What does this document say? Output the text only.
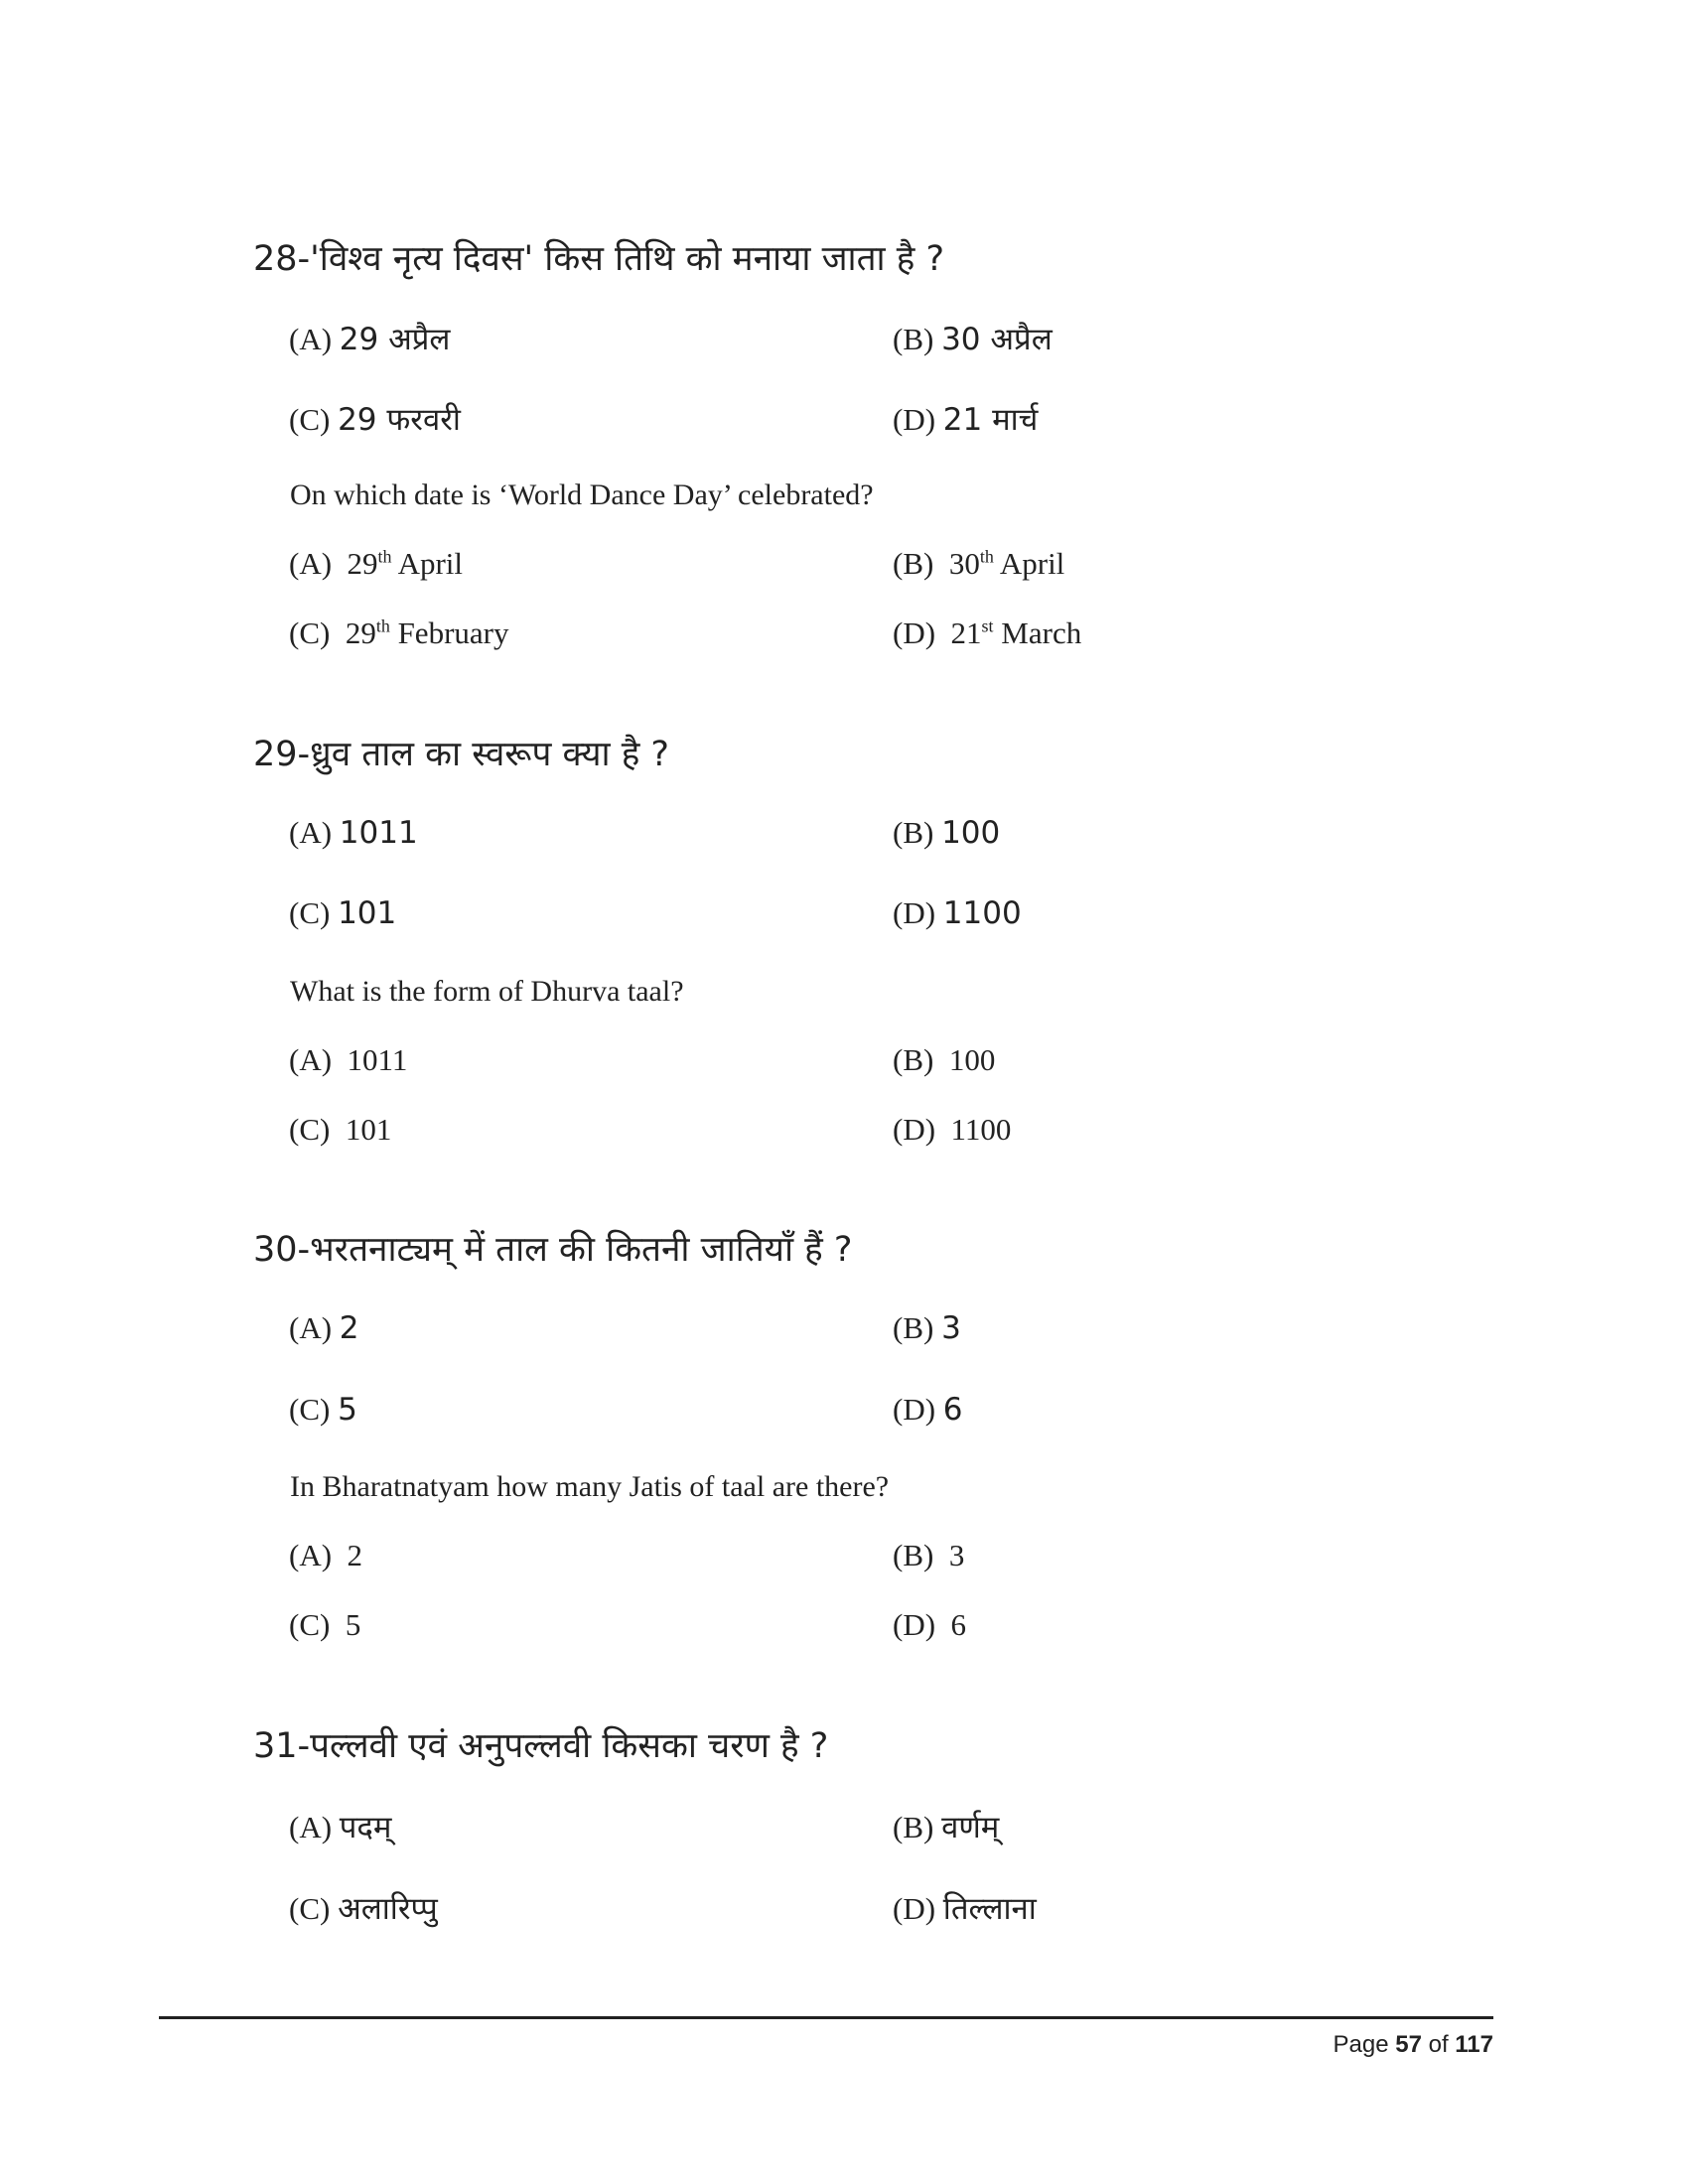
28-'विश्व नृत्य दिवस' किस तिथि को मनाया जाता है ?
(A) 29 अप्रैल	(B) 30 अप्रैल
(C) 29 फरवरी	(D) 21 मार्च
On which date is ‘World Dance Day’ celebrated?
(A) 29th April	(B) 30th April
(C) 29th February	(D) 21st March
29-ध्रुव ताल का स्वरूप क्या है ?
(A) 1011	(B) 100
(C) 101	(D) 1100
What is the form of Dhurva taal?
(A) 1011	(B) 100
(C) 101	(D) 1100
30-भरतनाट्यम् में ताल की कितनी जातियाँ हैं ?
(A) 2	(B) 3
(C) 5	(D) 6
In Bharatnatyam how many Jatis of taal are there?
(A) 2	(B) 3
(C) 5	(D) 6
31-पल्लवी एवं अनुपल्लवी किसका चरण है ?
(A) पदम्	(B) वर्णम्
(C) अलारिप्पु	(D) तिल्लाना
Page 57 of 117
